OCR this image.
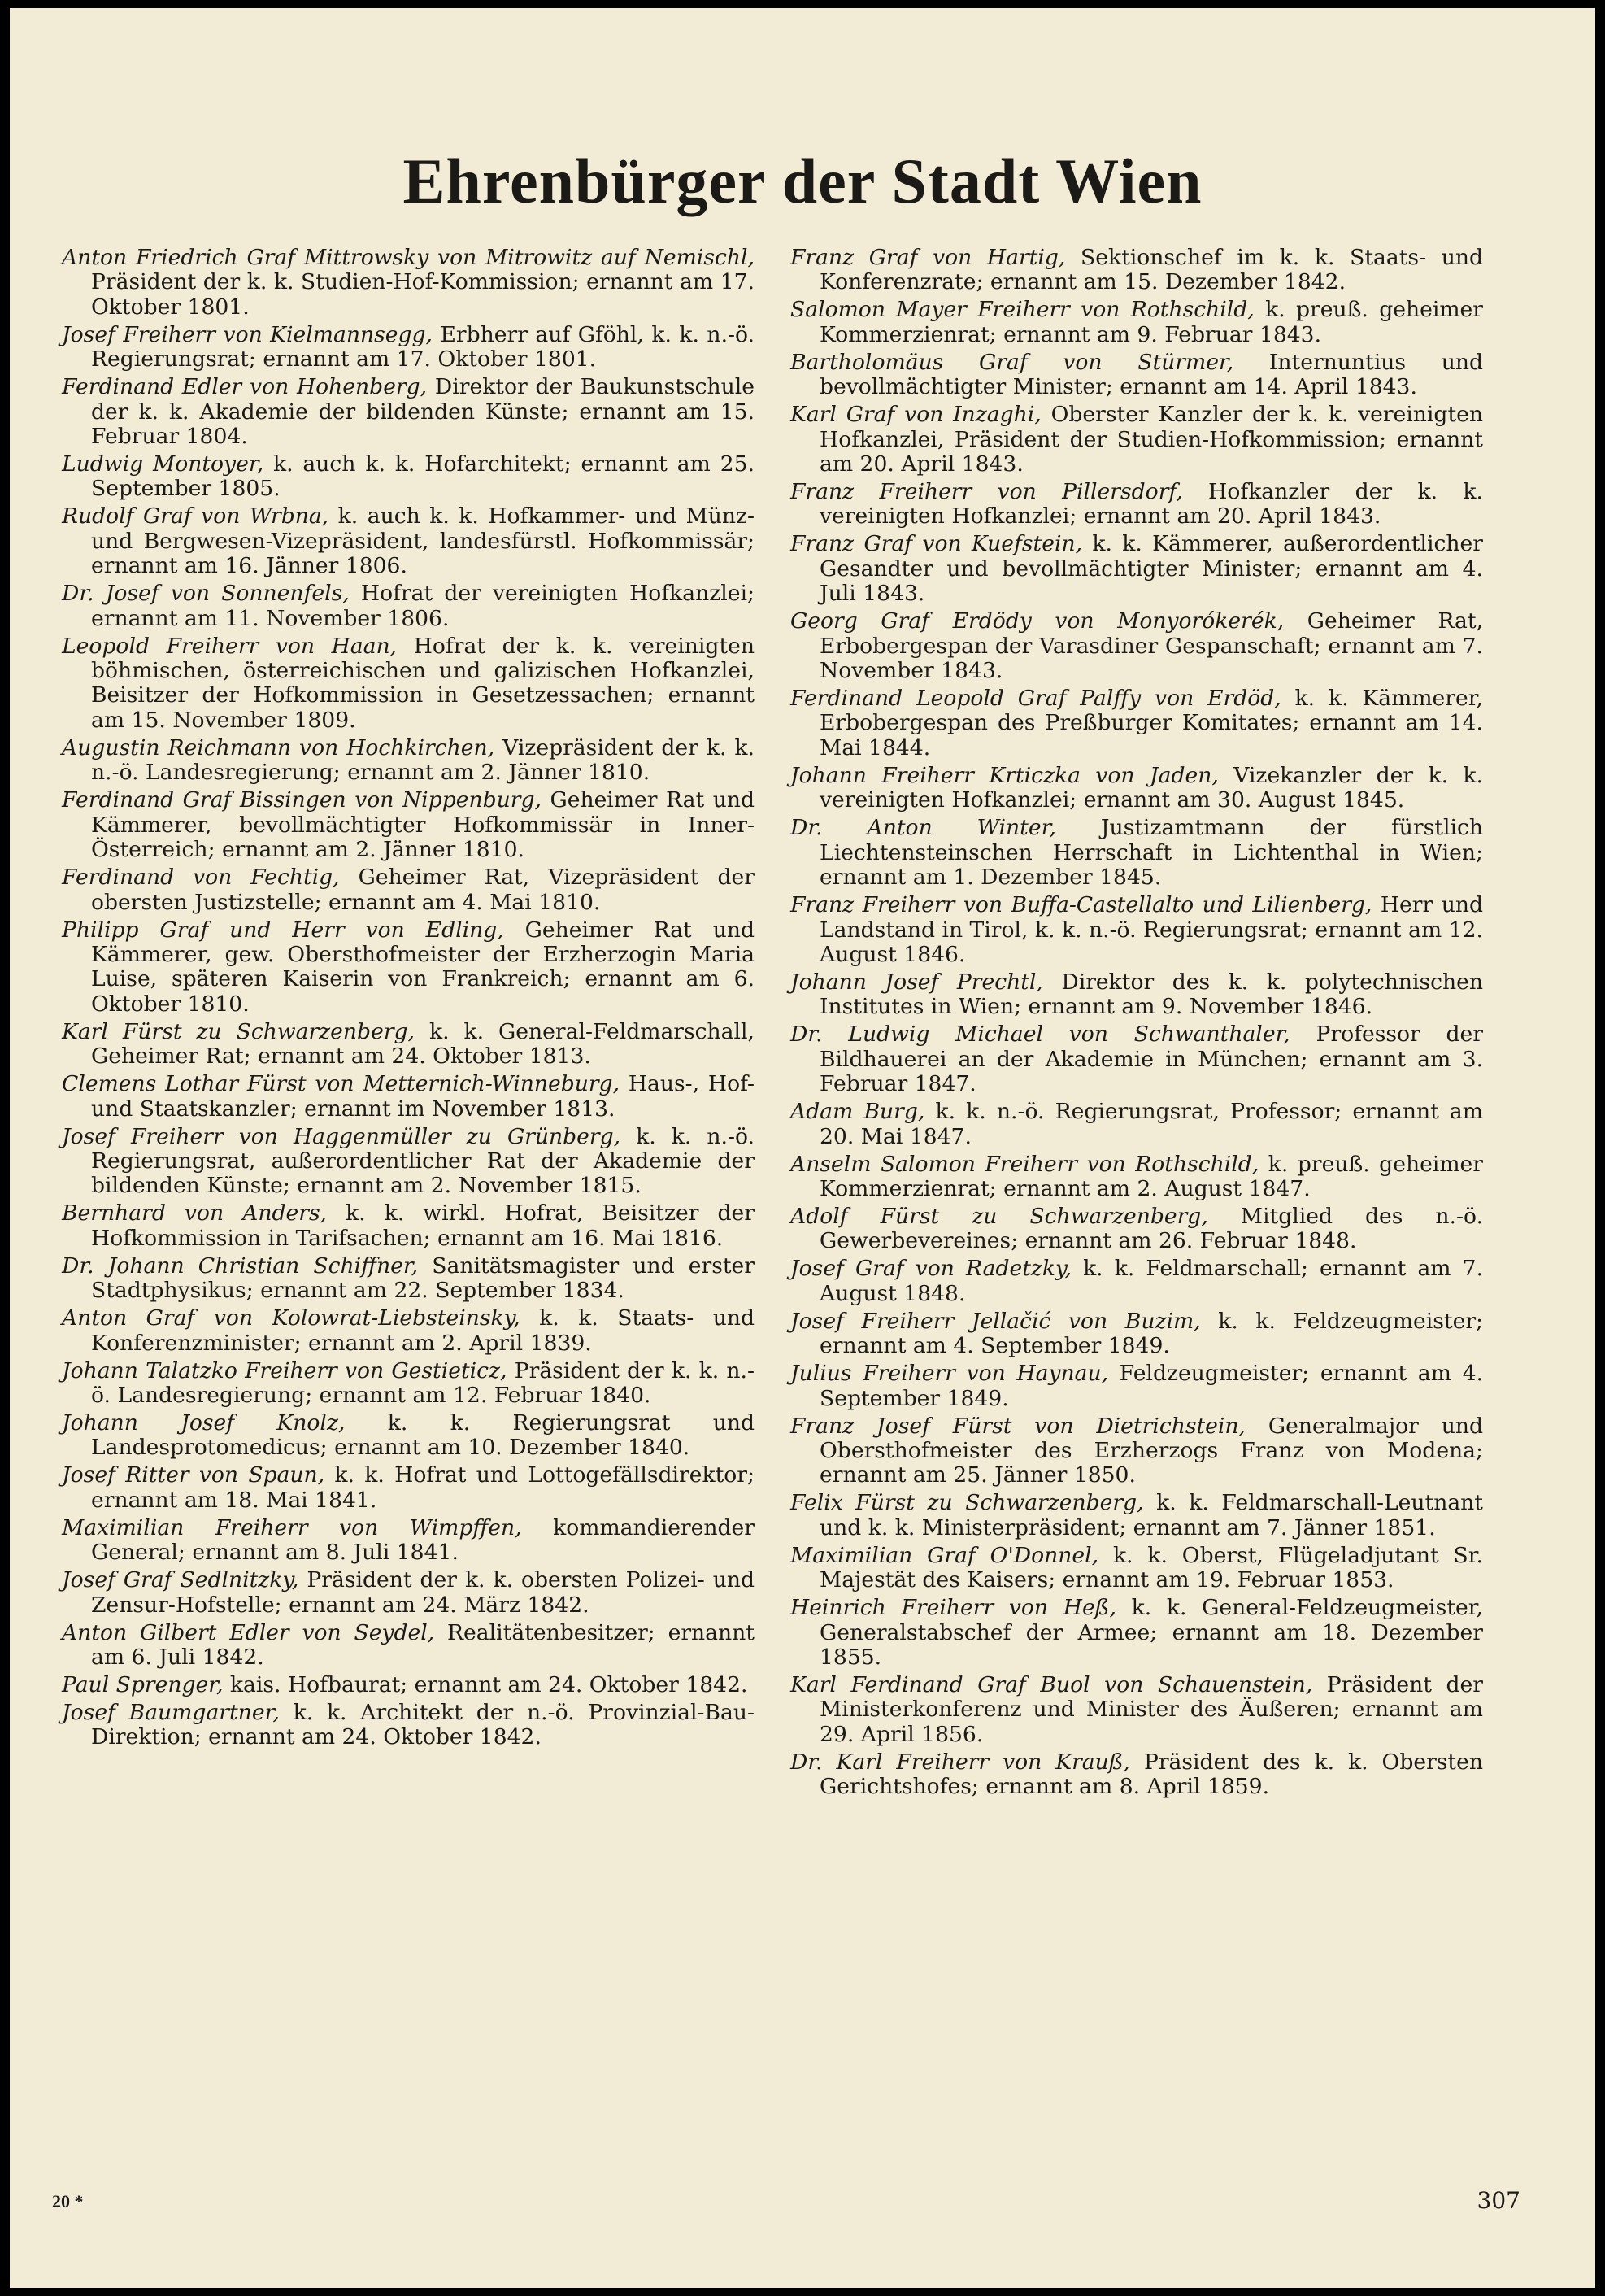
Ehrenbürger der Stadt Wien

Anton Friedrich Graf Mittrowsky von Mitrowitz auf Nemischl, Präsident der k. k. Studien-Hof-Kommission; ernannt am 17. Oktober 1801.

Josef Freiherr von Kielmannsegg, Erbherr auf Gföhl, k. k. n.-ö. Regierungsrat; ernannt am 17. Oktober 1801.

Ferdinand Edler von Hohenberg, Direktor der Baukunstschule der k. k. Akademie der bildenden Künste; ernannt am 15. Februar 1804.

Ludwig Montoyer, k. auch k. k. Hofarchitekt; ernannt am 25. September 1805.

Rudolf Graf von Wrbna, k. auch k. k. Hofkammer- und Münz- und Bergwesen-Vizepräsident, landesfürstl. Hofkommissär; ernannt am 16. Jänner 1806.

Dr. Josef von Sonnenfels, Hofrat der vereinigten Hofkanzlei; ernannt am 11. November 1806.

Leopold Freiherr von Haan, Hofrat der k. k. vereinigten böhmischen, österreichischen und galizischen Hofkanzlei, Beisitzer der Hofkommission in Gesetzessachen; ernannt am 15. November 1809.

Augustin Reichmann von Hochkirchen, Vizepräsident der k. k. n.-ö. Landesregierung; ernannt am 2. Jänner 1810.

Ferdinand Graf Bissingen von Nippenburg, Geheimer Rat und Kämmerer, bevollmächtigter Hofkommissär in Inner-Österreich; ernannt am 2. Jänner 1810.

Ferdinand von Fechtig, Geheimer Rat, Vizepräsident der obersten Justizstelle; ernannt am 4. Mai 1810.

Philipp Graf und Herr von Edling, Geheimer Rat und Kämmerer, gew. Obersthofmeister der Erzherzogin Maria Luise, späteren Kaiserin von Frankreich; ernannt am 6. Oktober 1810.

Karl Fürst zu Schwarzenberg, k. k. General-Feldmarschall, Geheimer Rat; ernannt am 24. Oktober 1813.

Clemens Lothar Fürst von Metternich-Winneburg, Haus-, Hof- und Staatskanzler; ernannt im November 1813.

Josef Freiherr von Haggenmüller zu Grünberg, k. k. n.-ö. Regierungsrat, außerordentlicher Rat der Akademie der bildenden Künste; ernannt am 2. November 1815.

Bernhard von Anders, k. k. wirkl. Hofrat, Beisitzer der Hofkommission in Tarifsachen; ernannt am 16. Mai 1816.

Dr. Johann Christian Schiffner, Sanitätsmagister und erster Stadtphysikus; ernannt am 22. September 1834.

Anton Graf von Kolowrat-Liebsteinsky, k. k. Staats- und Konferenzminister; ernannt am 2. April 1839.

Johann Talatzko Freiherr von Gestieticz, Präsident der k. k. n.-ö. Landesregierung; ernannt am 12. Februar 1840.

Johann Josef Knolz, k. k. Regierungsrat und Landesprotomedicus; ernannt am 10. Dezember 1840.

Josef Ritter von Spaun, k. k. Hofrat und Lottogefällsdirektor; ernannt am 18. Mai 1841.

Maximilian Freiherr von Wimpffen, kommandierender General; ernannt am 8. Juli 1841.

Josef Graf Sedlnitzky, Präsident der k. k. obersten Polizei- und Zensur-Hofstelle; ernannt am 24. März 1842.

Anton Gilbert Edler von Seydel, Realitätenbesitzer; ernannt am 6. Juli 1842.

Paul Sprenger, kais. Hofbaurat; ernannt am 24. Oktober 1842.

Josef Baumgartner, k. k. Architekt der n.-ö. Provinzial-Bau-Direktion; ernannt am 24. Oktober 1842.

Franz Graf von Hartig, Sektionschef im k. k. Staats- und Konferenzrate; ernannt am 15. Dezember 1842.

Salomon Mayer Freiherr von Rothschild, k. preuß. geheimer Kommerzienrat; ernannt am 9. Februar 1843.

Bartholomäus Graf von Stürmer, Internuntius und bevollmächtigter Minister; ernannt am 14. April 1843.

Karl Graf von Inzaghi, Oberster Kanzler der k. k. vereinigten Hofkanzlei, Präsident der Studien-Hofkommission; ernannt am 20. April 1843.

Franz Freiherr von Pillersdorf, Hofkanzler der k. k. vereinigten Hofkanzlei; ernannt am 20. April 1843.

Franz Graf von Kuefstein, k. k. Kämmerer, außerordentlicher Gesandter und bevollmächtigter Minister; ernannt am 4. Juli 1843.

Georg Graf Erdödy von Monyorókerék, Geheimer Rat, Erbobergespan der Varasdiner Gespanschaft; ernannt am 7. November 1843.

Ferdinand Leopold Graf Palffy von Erdöd, k. k. Kämmerer, Erbobergespan des Preßburger Komitates; ernannt am 14. Mai 1844.

Johann Freiherr Krticzka von Jaden, Vizekanzler der k. k. vereinigten Hofkanzlei; ernannt am 30. August 1845.

Dr. Anton Winter, Justizamtmann der fürstlich Liechtensteinschen Herrschaft in Lichtenthal in Wien; ernannt am 1. Dezember 1845.

Franz Freiherr von Buffa-Castellalto und Lilienberg, Herr und Landstand in Tirol, k. k. n.-ö. Regierungsrat; ernannt am 12. August 1846.

Johann Josef Prechtl, Direktor des k. k. polytechnischen Institutes in Wien; ernannt am 9. November 1846.

Dr. Ludwig Michael von Schwanthaler, Professor der Bildhauerei an der Akademie in München; ernannt am 3. Februar 1847.

Adam Burg, k. k. n.-ö. Regierungsrat, Professor; ernannt am 20. Mai 1847.

Anselm Salomon Freiherr von Rothschild, k. preuß. geheimer Kommerzienrat; ernannt am 2. August 1847.

Adolf Fürst zu Schwarzenberg, Mitglied des n.-ö. Gewerbevereines; ernannt am 26. Februar 1848.

Josef Graf von Radetzky, k. k. Feldmarschall; ernannt am 7. August 1848.

Josef Freiherr Jellačić von Buzim, k. k. Feldzeugmeister; ernannt am 4. September 1849.

Julius Freiherr von Haynau, Feldzeugmeister; ernannt am 4. September 1849.

Franz Josef Fürst von Dietrichstein, Generalmajor und Obersthofmeister des Erzherzogs Franz von Modena; ernannt am 25. Jänner 1850.

Felix Fürst zu Schwarzenberg, k. k. Feldmarschall-Leutnant und k. k. Ministerpräsident; ernannt am 7. Jänner 1851.

Maximilian Graf O'Donnel, k. k. Oberst, Flügeladjutant Sr. Majestät des Kaisers; ernannt am 19. Februar 1853.

Heinrich Freiherr von Heß, k. k. General-Feldzeugmeister, Generalstabschef der Armee; ernannt am 18. Dezember 1855.

Karl Ferdinand Graf Buol von Schauenstein, Präsident der Ministerkonferenz und Minister des Äußeren; ernannt am 29. April 1856.

Dr. Karl Freiherr von Krauß, Präsident des k. k. Obersten Gerichtshofes; ernannt am 8. April 1859.

20 *	307
